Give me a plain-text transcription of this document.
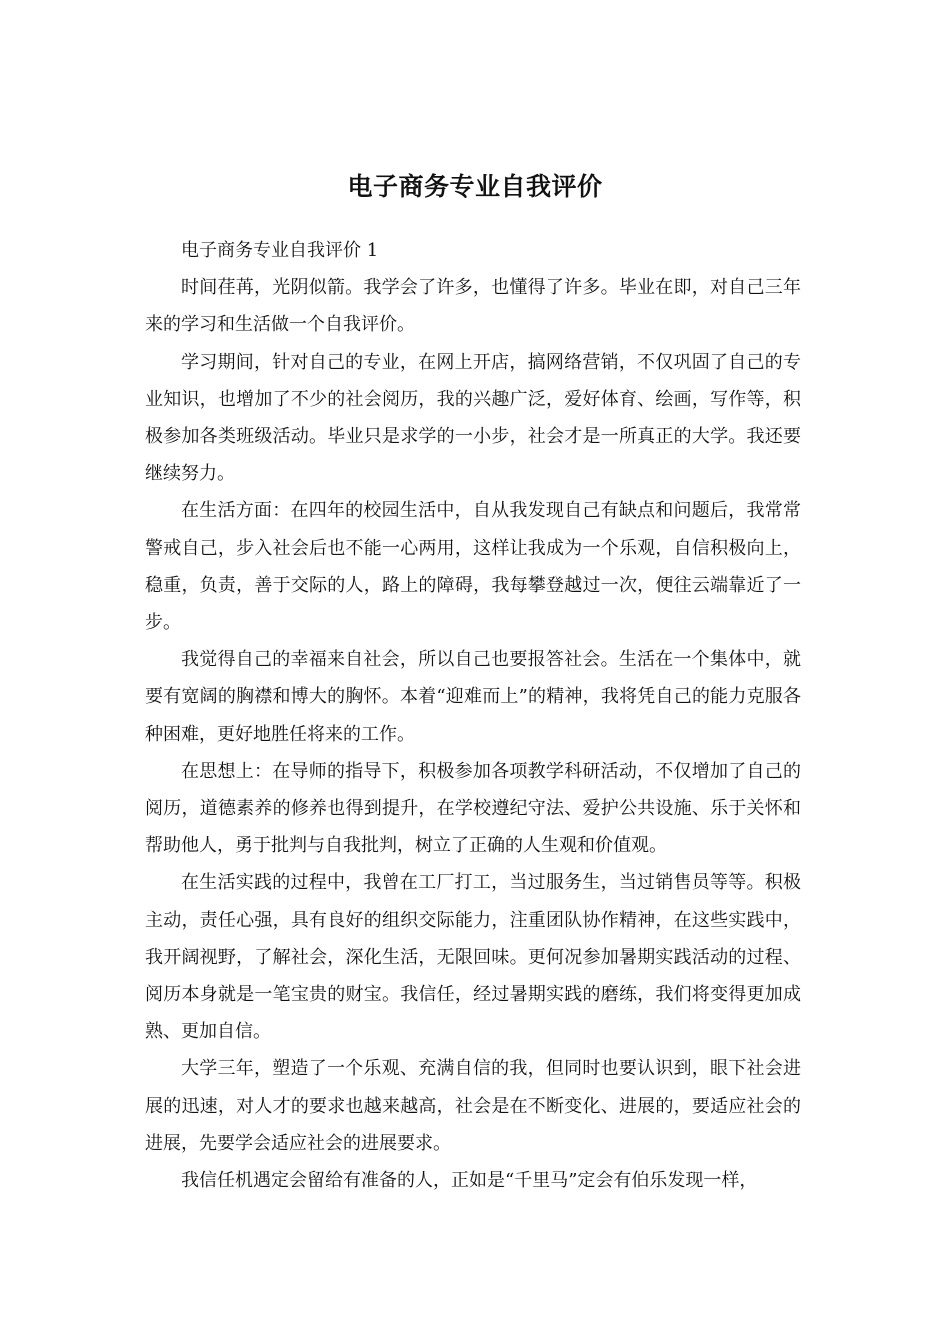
电子商务专业自我评价

电子商务专业自我评价 1

时间荏苒，光阴似箭。我学会了许多，也懂得了许多。毕业在即，对自己三年来的学习和生活做一个自我评价。

学习期间，针对自己的专业，在网上开店，搞网络营销，不仅巩固了自己的专业知识，也增加了不少的社会阅历，我的兴趣广泛，爱好体育、绘画，写作等，积极参加各类班级活动。毕业只是求学的一小步，社会才是一所真正的大学。我还要继续努力。

在生活方面：在四年的校园生活中，自从我发现自己有缺点和问题后，我常常警戒自己，步入社会后也不能一心两用，这样让我成为一个乐观，自信积极向上，稳重，负责，善于交际的人，路上的障碍，我每攀登越过一次，便往云端靠近了一步。

我觉得自己的幸福来自社会，所以自己也要报答社会。生活在一个集体中，就要有宽阔的胸襟和博大的胸怀。本着“迎难而上”的精神，我将凭自己的能力克服各种困难，更好地胜任将来的工作。

在思想上：在导师的指导下，积极参加各项教学科研活动，不仅增加了自己的阅历，道德素养的修养也得到提升，在学校遵纪守法、爱护公共设施、乐于关怀和帮助他人，勇于批判与自我批判，树立了正确的人生观和价值观。

在生活实践的过程中，我曾在工厂打工，当过服务生，当过销售员等等。积极主动，责任心强，具有良好的组织交际能力，注重团队协作精神，在这些实践中，我开阔视野，了解社会，深化生活，无限回味。更何况参加暑期实践活动的过程、阅历本身就是一笔宝贵的财宝。我信任，经过暑期实践的磨练，我们将变得更加成熟、更加自信。

大学三年，塑造了一个乐观、充满自信的我，但同时也要认识到，眼下社会进展的迅速，对人才的要求也越来越高，社会是在不断变化、进展的，要适应社会的进展，先要学会适应社会的进展要求。

我信任机遇定会留给有准备的人，正如是“千里马”定会有伯乐发现一样，
